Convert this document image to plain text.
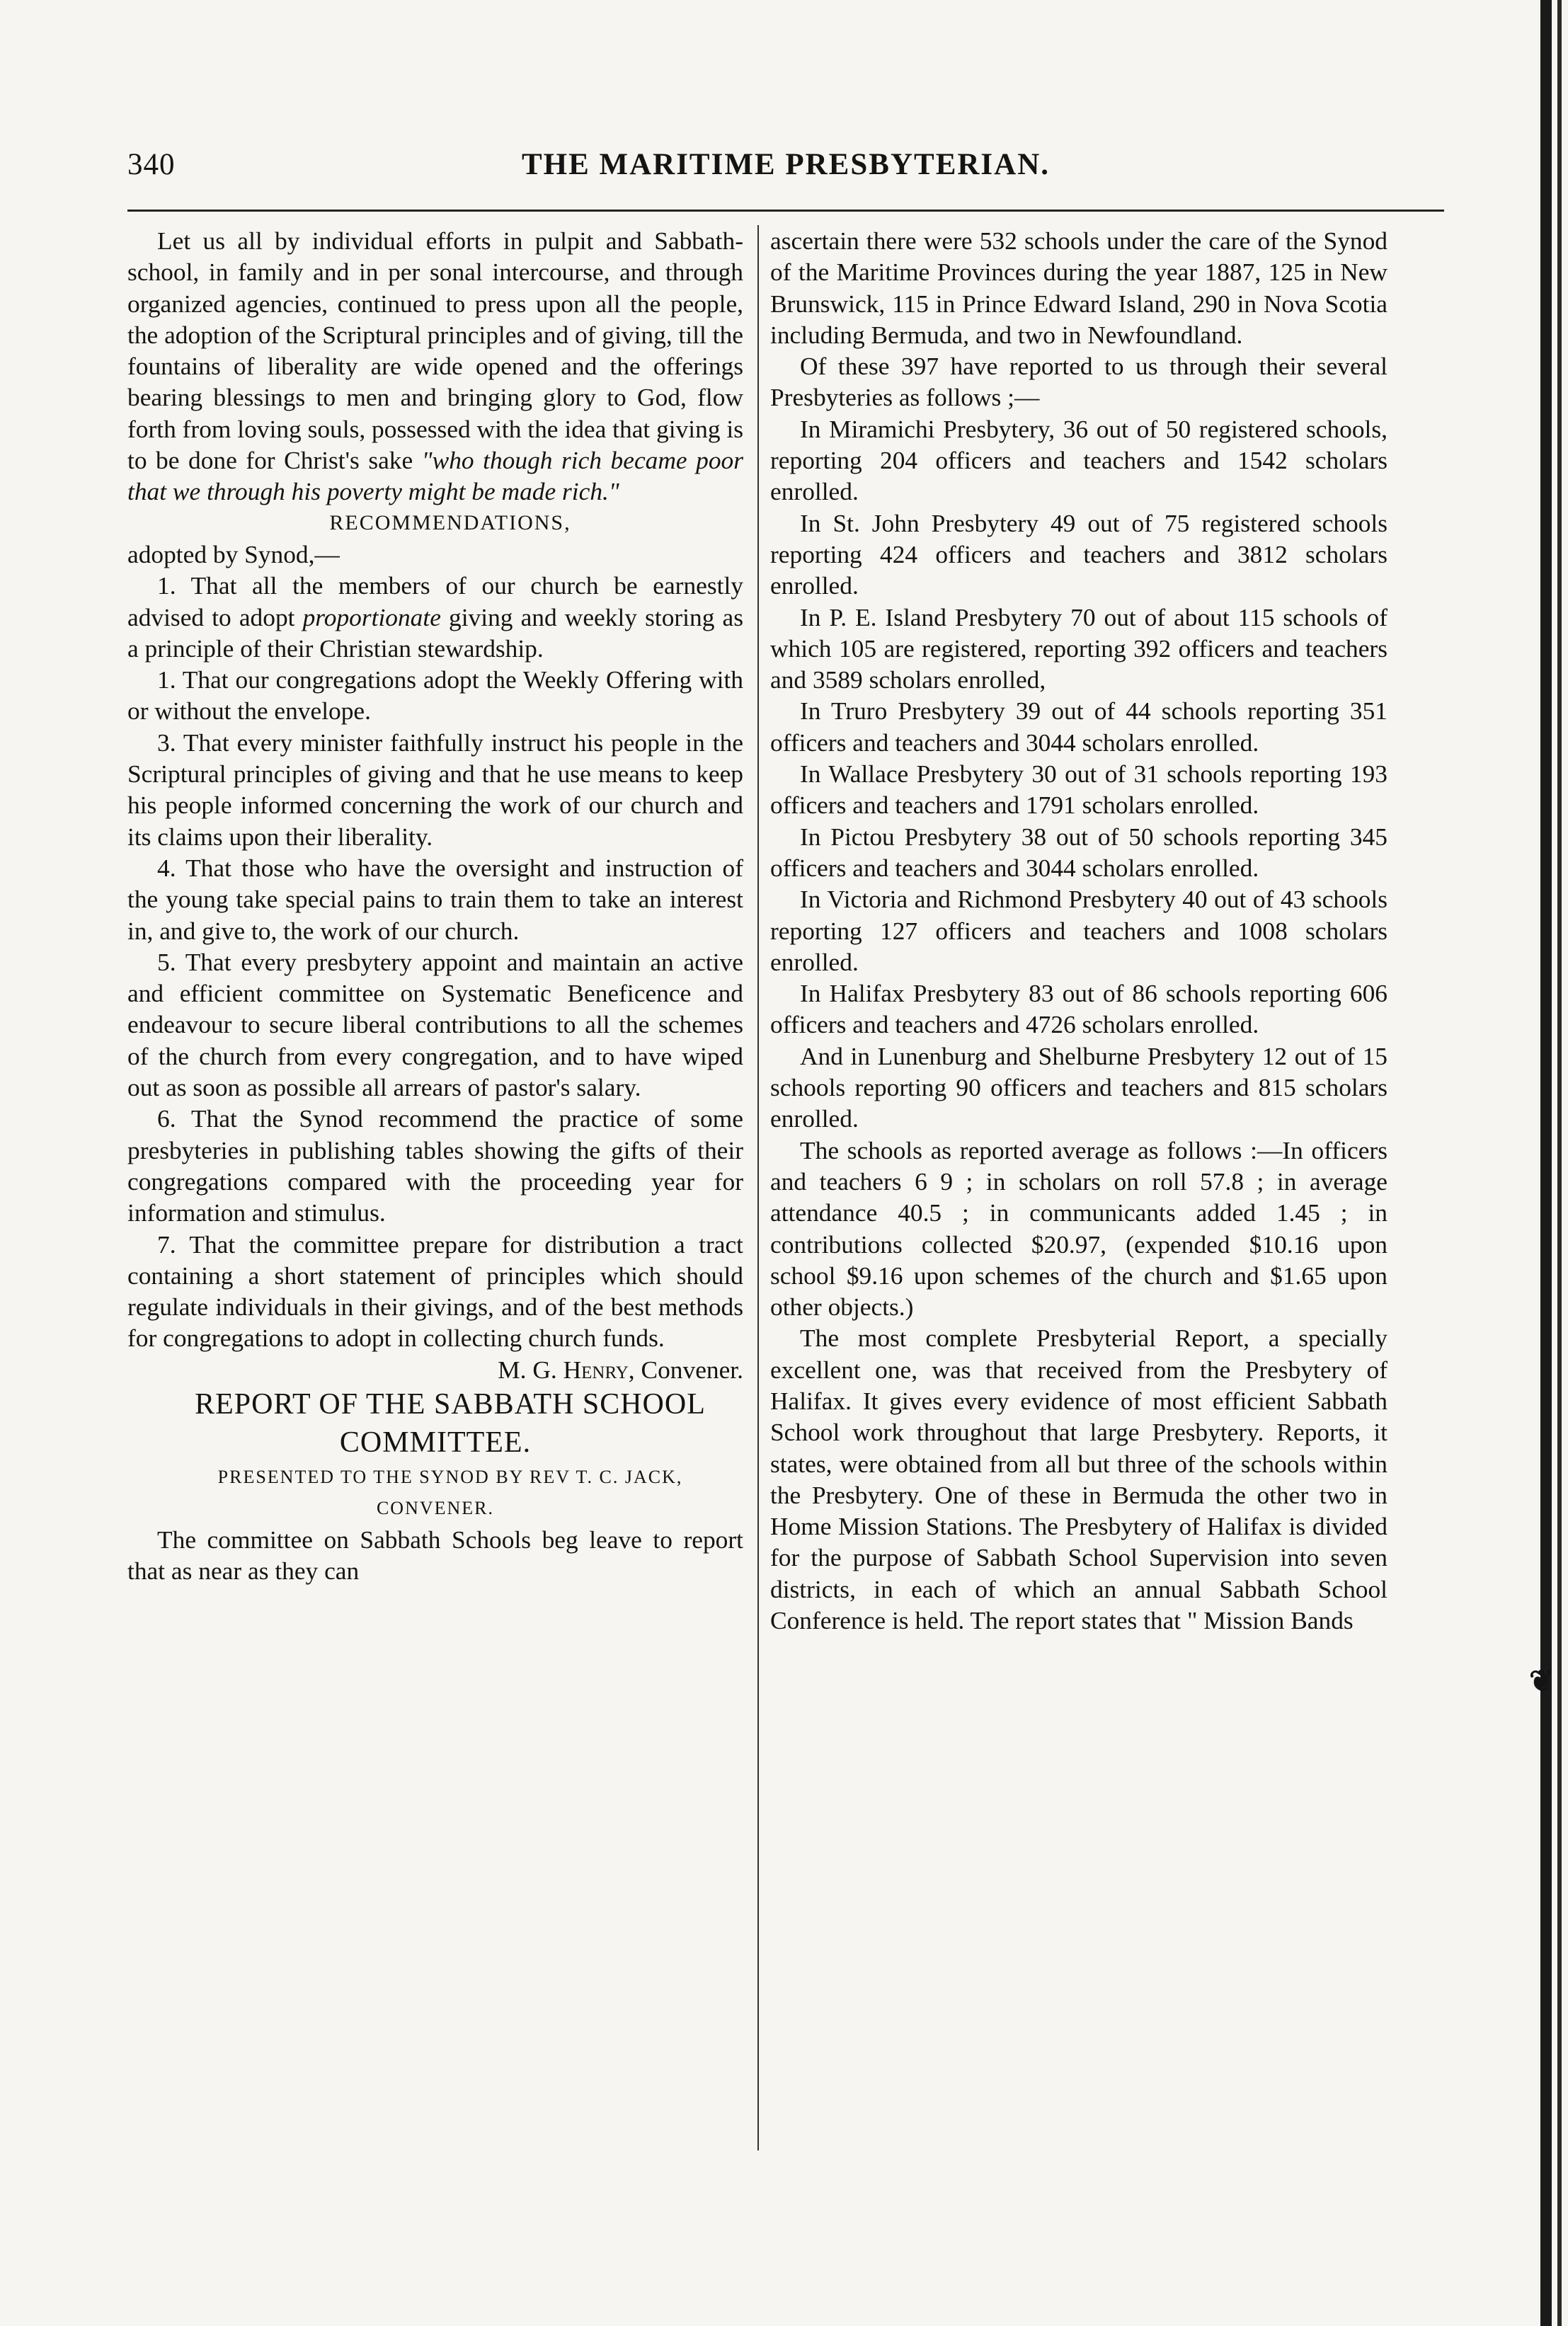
340	THE MARITIME PRESBYTERIAN.

Let us all by individual efforts in pulpit and Sabbath-school, in family and in per sonal intercourse, and through organized agencies, continued to press upon all the people, the adoption of the Scriptural principles and of giving, till the fountains of liberality are wide opened and the offerings bearing blessings to men and bringing glory to God, flow forth from loving souls, possessed with the idea that giving is to be done for Christ's sake "who though rich became poor that we through his poverty might be made rich."

RECOMMENDATIONS,

adopted by Synod,—

1. That all the members of our church be earnestly advised to adopt proportionate giving and weekly storing as a principle of their Christian stewardship.

1. That our congregations adopt the Weekly Offering with or without the envelope.

3. That every minister faithfully instruct his people in the Scriptural principles of giving and that he use means to keep his people informed concerning the work of our church and its claims upon their liberality.

4. That those who have the oversight and instruction of the young take special pains to train them to take an interest in, and give to, the work of our church.

5. That every presbytery appoint and maintain an active and efficient committee on Systematic Beneficence and endeavour to secure liberal contributions to all the schemes of the church from every congregation, and to have wiped out as soon as possible all arrears of pastor's salary.

6. That the Synod recommend the practice of some presbyteries in publishing tables showing the gifts of their congregations compared with the proceeding year for information and stimulus.

7. That the committee prepare for distribution a tract containing a short statement of principles which should regulate individuals in their givings, and of the best methods for congregations to adopt in collecting church funds.

M. G. Henry, Convener.

REPORT OF THE SABBATH SCHOOL COMMITTEE.

PRESENTED TO THE SYNOD BY REV T. C. JACK, CONVENER.

The committee on Sabbath Schools beg leave to report that as near as they can

ascertain there were 532 schools under the care of the Synod of the Maritime Provinces during the year 1887, 125 in New Brunswick, 115 in Prince Edward Island, 290 in Nova Scotia including Bermuda, and two in Newfoundland.

Of these 397 have reported to us through their several Presbyteries as follows ;—

In Miramichi Presbytery, 36 out of 50 registered schools, reporting 204 officers and teachers and 1542 scholars enrolled.

In St. John Presbytery 49 out of 75 registered schools reporting 424 officers and teachers and 3812 scholars enrolled.

In P. E. Island Presbytery 70 out of about 115 schools of which 105 are registered, reporting 392 officers and teachers and 3589 scholars enrolled,

In Truro Presbytery 39 out of 44 schools reporting 351 officers and teachers and 3044 scholars enrolled.

In Wallace Presbytery 30 out of 31 schools reporting 193 officers and teachers and 1791 scholars enrolled.

In Pictou Presbytery 38 out of 50 schools reporting 345 officers and teachers and 3044 scholars enrolled.

In Victoria and Richmond Presbytery 40 out of 43 schools reporting 127 officers and teachers and 1008 scholars enrolled.

In Halifax Presbytery 83 out of 86 schools reporting 606 officers and teachers and 4726 scholars enrolled.

And in Lunenburg and Shelburne Presbytery 12 out of 15 schools reporting 90 officers and teachers and 815 scholars enrolled.

The schools as reported average as follows :—In officers and teachers 6 9 ; in scholars on roll 57.8 ; in average attendance 40.5 ; in communicants added 1.45 ; in contributions collected $20.97, (expended $10.16 upon school $9.16 upon schemes of the church and $1.65 upon other objects.)

The most complete Presbyterial Report, a specially excellent one, was that received from the Presbytery of Halifax. It gives every evidence of most efficient Sabbath School work throughout that large Presbytery. Reports, it states, were obtained from all but three of the schools within the Presbytery. One of these in Bermuda the other two in Home Mission Stations. The Presbytery of Halifax is divided for the purpose of Sabbath School Supervision into seven districts, in each of which an annual Sabbath School Conference is held. The report states that " Mission Bands

❦
